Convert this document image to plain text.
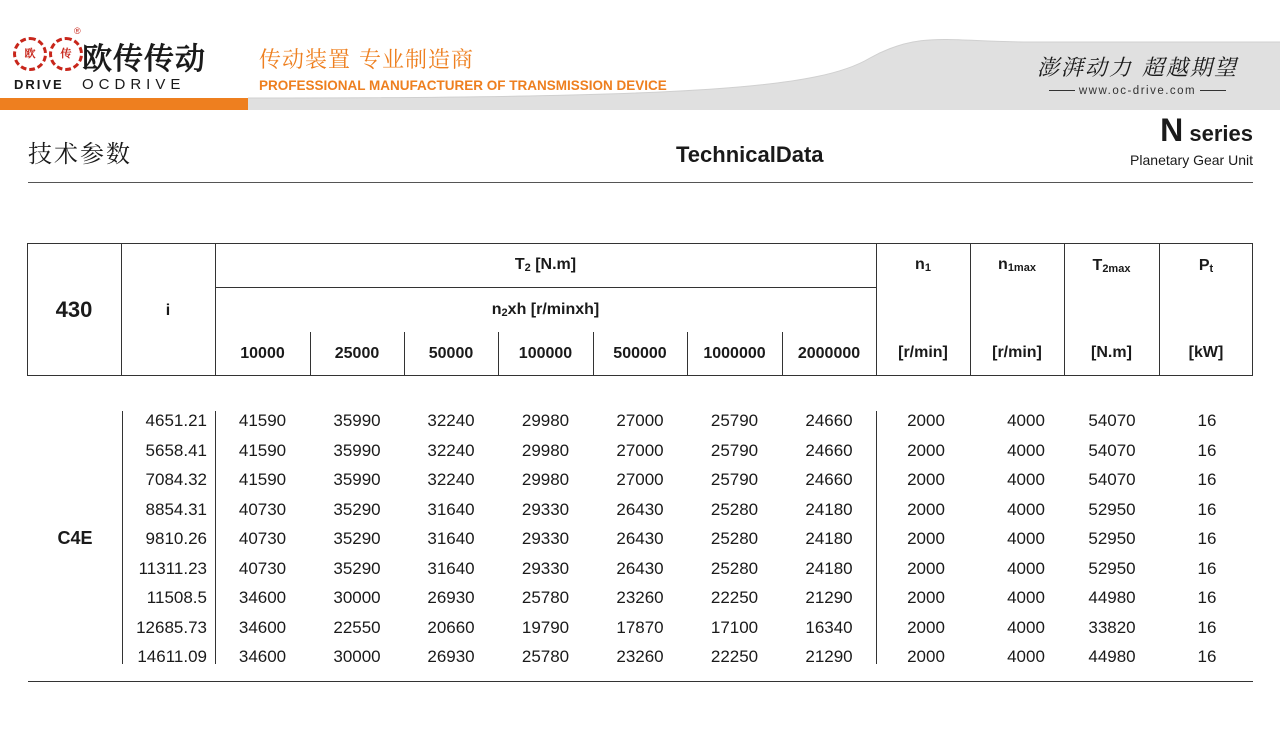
欧	传
®
欧传传动
DRIVE OCDRIVE
传动装置 专业制造商
PROFESSIONAL MANUFACTURER OF TRANSMISSION DEVICE
澎湃动力 超越期望
www.oc-drive.com
技术参数	TechnicalData
N series
Planetary Gear Unit
430	i
$T_2$ [N.m]
$n_2xh$ [r/minxh]
10000	25000	50000	100000	500000	1000000	2000000
$n_1$
[r/min]
$n_{1max}$
[r/min]
$T_{2max}$
[N.m]
$P_t$
[kW]
C4E
4651.21	41590	35990	32240	29980	27000	25790	24660	2000	4000	54070	16
5658.41	41590	35990	32240	29980	27000	25790	24660	2000	4000	54070	16
7084.32	41590	35990	32240	29980	27000	25790	24660	2000	4000	54070	16
8854.31	40730	35290	31640	29330	26430	25280	24180	2000	4000	52950	16
9810.26	40730	35290	31640	29330	26430	25280	24180	2000	4000	52950	16
11311.23	40730	35290	31640	29330	26430	25280	24180	2000	4000	52950	16
11508.5	34600	30000	26930	25780	23260	22250	21290	2000	4000	44980	16
12685.73	34600	22550	20660	19790	17870	17100	16340	2000	4000	33820	16
14611.09	34600	30000	26930	25780	23260	22250	21290	2000	4000	44980	16
